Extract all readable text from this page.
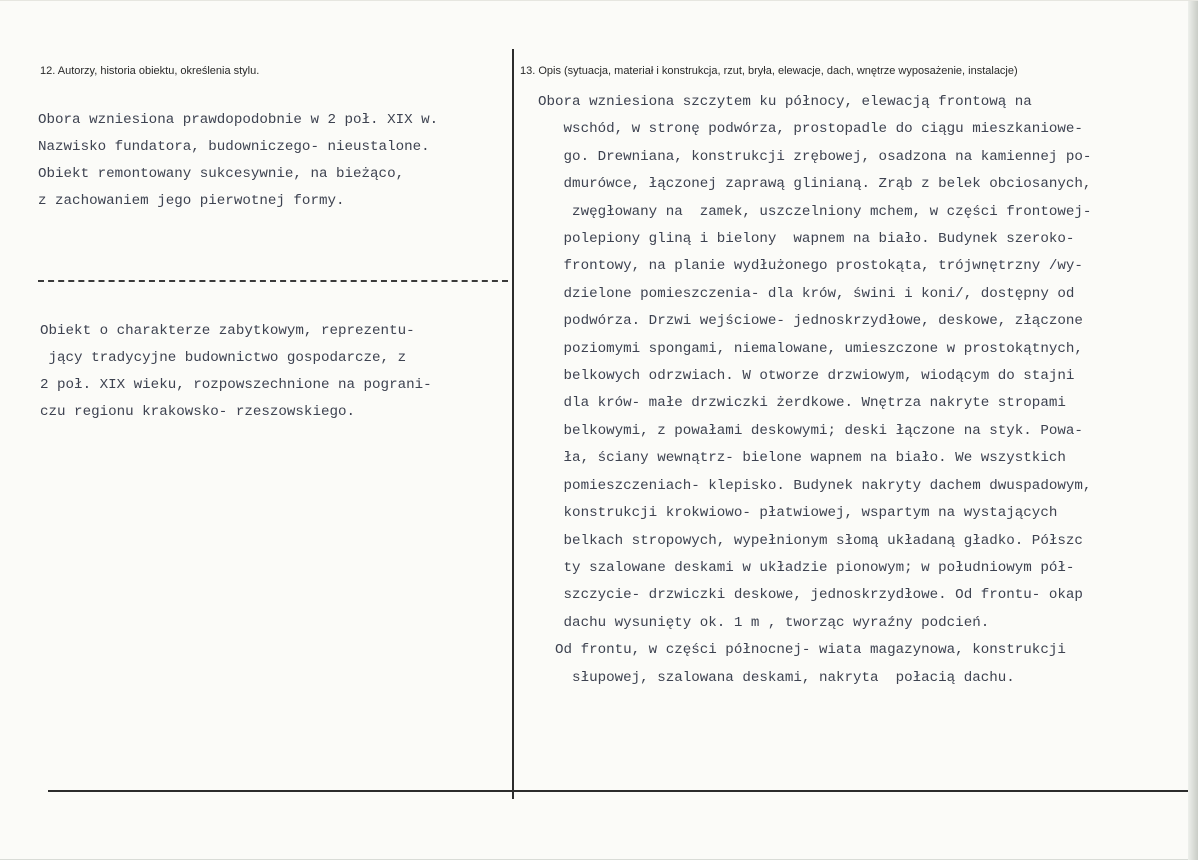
12. Autorzy, historia obiektu, określenia stylu.	13. Opis (sytuacja, materiał i konstrukcja, rzut, bryła, elewacje, dach, wnętrze wyposażenie, instalacje)
Obora wzniesiona prawdopodobnie w 2 poł. XIX w.
Nazwisko fundatora, budowniczego- nieustalone.
Obiekt remontowany sukcesywnie, na bieżąco,
z zachowaniem jego pierwotnej formy.
Obiekt o charakterze zabytkowym, reprezentu-
jący tradycyjne budownictwo gospodarcze, z
2 poł. XIX wieku, rozpowszechnione na pograni-
czu regionu krakowsko- rzeszowskiego.
Obora wzniesiona szczytem ku północy, elewacją frontową na
wschód, w stronę podwórza, prostopadle do ciągu mieszkaniowe-
go. Drewniana, konstrukcji zrębowej, osadzona na kamiennej po-
dmurówce, łączonej zaprawą glinianą. Zrąb z belek obciosanych,
zwęgłowany na  zamek, uszczelniony mchem, w części frontowej-
polepiony gliną i bielony  wapnem na biało. Budynek szeroko-
frontowy, na planie wydłużonego prostokąta, trójwnętrzny /wy-
dzielone pomieszczenia- dla krów, świni i koni/, dostępny od
podwórza. Drzwi wejściowe- jednoskrzydłowe, deskowe, złączone
poziomymi spongami, niemalowane, umieszczone w prostokątnych,
belkowych odrzwiach. W otworze drzwiowym, wiodącym do stajni
dla krów- małe drzwiczki żerdkowe. Wnętrza nakryte stropami
belkowymi, z powałami deskowymi; deski łączone na styk. Powa-
ła, ściany wewnątrz- bielone wapnem na biało. We wszystkich
pomieszczeniach- klepisko. Budynek nakryty dachem dwuspadowym,
konstrukcji krokwiowo- płatwiowej, wspartym na wystających
belkach stropowych, wypełnionym słomą układaną gładko. Półszc
ty szalowane deskami w układzie pionowym; w południowym pół-
szczycie- drzwiczki deskowe, jednoskrzydłowe. Od frontu- okap
dachu wysunięty ok. 1 m , tworząc wyraźny podcień.
Od frontu, w części północnej- wiata magazynowa, konstrukcji
słupowej, szalowana deskami, nakryta  połacią dachu.
